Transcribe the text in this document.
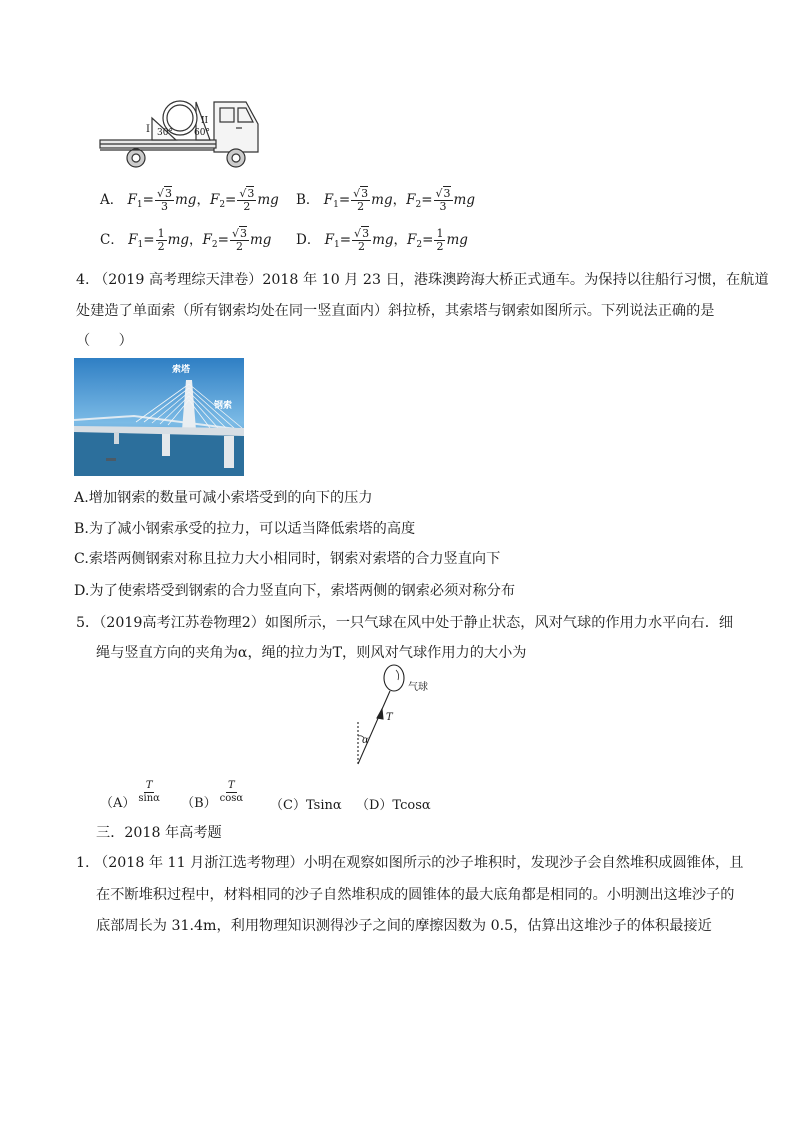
I 30°
II
60°
A． $F_1= \frac{√3}{3}$ mg，$F_2= \frac{√3}{2}$ mg B． $F_1= \frac{√3}{2}$ mg，$F_2= \frac{√3}{3}$ mg
C． $F_1= \frac{1}{2}$ mg，$F_2= \frac{√3}{2}$ mg D． $F_1= \frac{√3}{2}$ mg，$F_2= \frac{1}{2}$ mg
4. （2019 高考理综天津卷）2018 年 10 月 23 日，港珠澳跨海大桥正式通车。为保持以往船行习惯，在航道
处建造了单面索（所有钢索均处在同一竖直面内）斜拉桥，其索塔与钢索如图所示。下列说法正确的是
（　　）
索塔
钢索
A.增加钢索的数量可减小索塔受到的向下的压力
B.为了减小钢索承受的拉力，可以适当降低索塔的高度
C.索塔两侧钢索对称且拉力大小相同时，钢索对索塔的合力竖直向下
D.为了使索塔受到钢索的合力竖直向下，索塔两侧的钢索必须对称分布
5．（2019高考江苏卷物理2）如图所示，一只气球在风中处于静止状态，风对气球的作用力水平向右．细
绳与竖直方向的夹角为α，绳的拉力为T，则风对气球作用力的大小为
气球
T
α
$(A) \frac{T}{\sin\alpha}$
$(B) \frac{T}{\cos\alpha}$
（C）Tsinα （D）Tcosα
三．2018 年高考题
1. （2018 年 11 月浙江选考物理）小明在观察如图所示的沙子堆积时，发现沙子会自然堆积成圆锥体，且
在不断堆积过程中，材料相同的沙子自然堆积成的圆锥体的最大底角都是相同的。小明测出这堆沙子的
底部周长为 31.4m，利用物理知识测得沙子之间的摩擦因数为 0.5，估算出这堆沙子的体积最接近
